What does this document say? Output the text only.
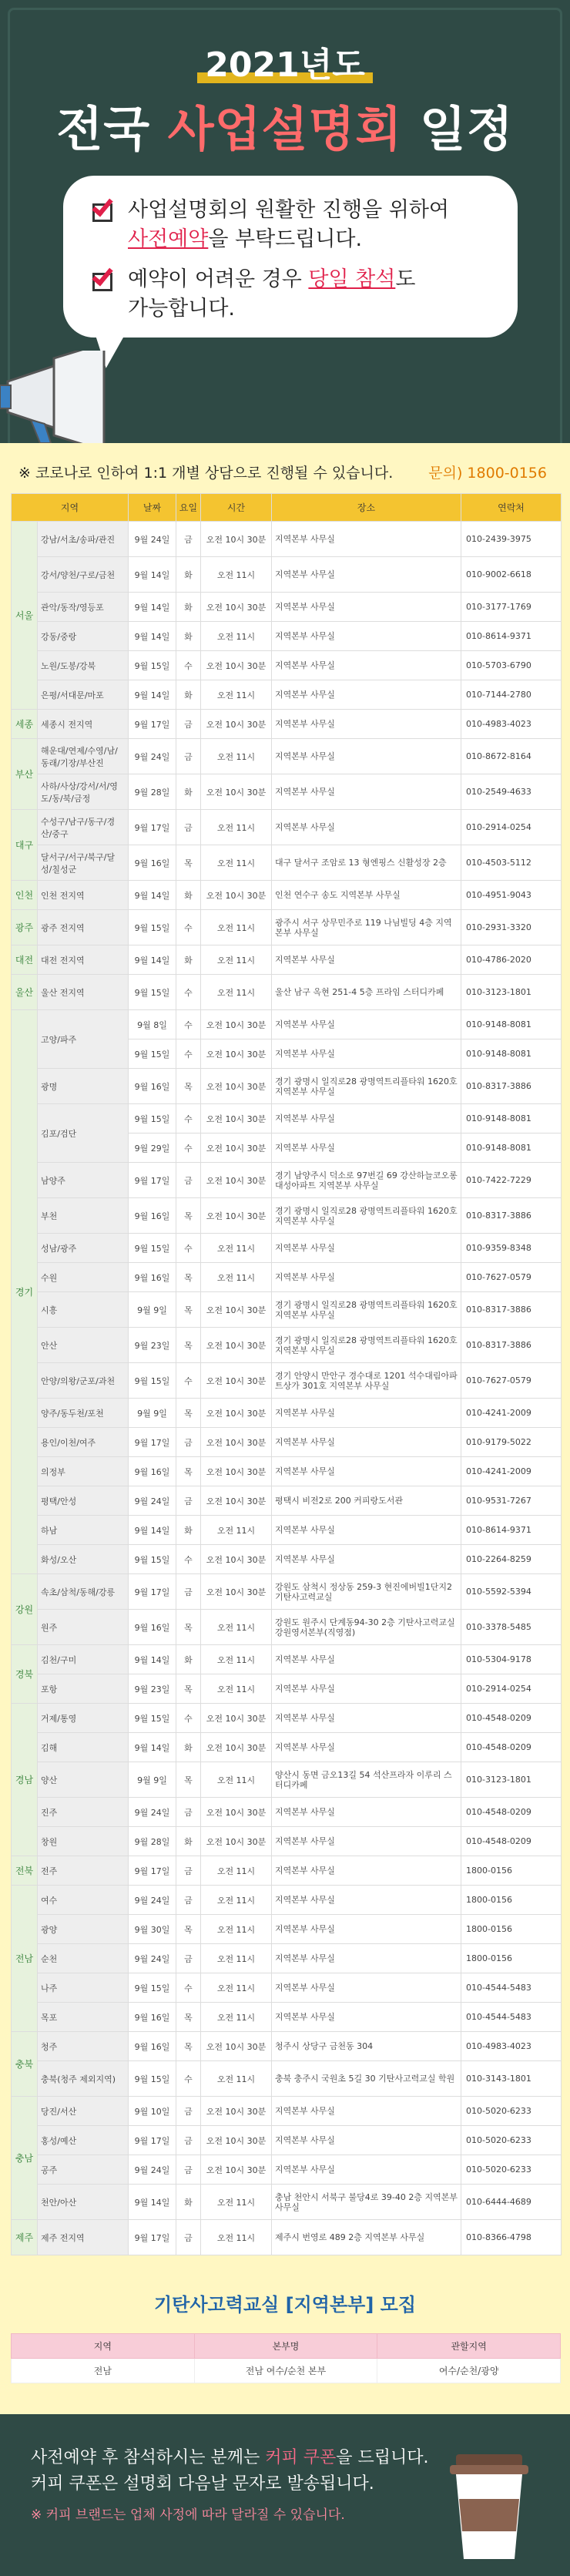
2021년도
전국 사업설명회 일정
사업설명회의 원활한 진행을 위하여
사전예약을 부탁드립니다.
예약이 어려운 경우 당일 참석도
가능합니다.
※ 코로나로 인하여 1:1 개별 상담으로 진행될 수 있습니다. 문의) 1800-0156
지역		날짜	요일	시간	장소	연락처
서울	강남/서초/송파/관진	9월 24일	금	오전 10시 30분	지역본부 사무실	010-2439-3975
	강서/양천/구로/금천	9월 14일	화	오전 11시	지역본부 사무실	010-9002-6618
	관악/동작/영등포	9월 14일	화	오전 10시 30분	지역본부 사무실	010-3177-1769
	강동/중랑	9월 14일	화	오전 11시	지역본부 사무실	010-8614-9371
	노원/도봉/강북	9월 15일	수	오전 10시 30분	지역본부 사무실	010-5703-6790
	은평/서대문/마포	9월 14일	화	오전 11시	지역본부 사무실	010-7144-2780
세종	세종시 전지역	9월 17일	금	오전 10시 30분	지역본부 사무실	010-4983-4023
부산	해운대/연제/수영/남/동래/기장/부산진	9월 24일	금	오전 11시	지역본부 사무실	010-8672-8164
	사하/사상/강서/서/영도/동/북/금정	9월 28일	화	오전 10시 30분	지역본부 사무실	010-2549-4633
대구	수성구/남구/동구/경산/중구	9월 17일	금	오전 11시	지역본부 사무실	010-2914-0254
	달서구/서구/북구/달성/칠성군	9월 16일	목	오전 11시	대구 달서구 조암로 13 형엔핑스 신활성장 2층	010-4503-5112
인천	인천 전지역	9월 14일	화	오전 10시 30분	인천 연수구 송도 지역본부 사무실	010-4951-9043
광주	광주 전지역	9월 15일	수	오전 11시	광주시 서구 상무민주로 119 나님빌딩 4층 지역본부 사무실	010-2931-3320
대전	대전 전지역	9월 14일	화	오전 11시	지역본부 사무실	010-4786-2020
울산	울산 전지역	9월 15일	수	오전 11시	울산 남구 옥현 251-4 5층 프라임 스터디카페	010-3123-1801
경기	고양/파주	9월 8일	수	오전 10시 30분	지역본부 사무실	010-9148-8081
		9월 15일	수	오전 10시 30분	지역본부 사무실	010-9148-8081
	광명	9월 16일	목	오전 10시 30분	경기 광명시 일직로28 광명역트리플타워 1620호 지역본부 사무실	010-8317-3886
	김포/검단	9월 15일	수	오전 10시 30분	지역본부 사무실	010-9148-8081
		9월 29일	수	오전 10시 30분	지역본부 사무실	010-9148-8081
	남양주	9월 17일	금	오전 10시 30분	경기 남양주시 덕소로 97번길 69 강산하늘코오롱대성아파트 지역본부 사무실	010-7422-7229
	부천	9월 16일	목	오전 10시 30분	경기 광명시 일직로28 광명역트리플타워 1620호 지역본부 사무실	010-8317-3886
	성남/광주	9월 15일	수	오전 11시	지역본부 사무실	010-9359-8348
	수원	9월 16일	목	오전 11시	지역본부 사무실	010-7627-0579
	시흥	9월 9일	목	오전 10시 30분	경기 광명시 일직로28 광명역트리플타워 1620호 지역본부 사무실	010-8317-3886
	안산	9월 23일	목	오전 10시 30분	경기 광명시 일직로28 광명역트리플타워 1620호 지역본부 사무실	010-8317-3886
	안양/의왕/군포/과천	9월 15일	수	오전 10시 30분	경기 안양시 만안구 경수대로 1201 석수대림아파트상가 301호 지역본부 사무실	010-7627-0579
	양주/동두천/포천	9월 9일	목	오전 10시 30분	지역본부 사무실	010-4241-2009
	용인/이천/여주	9월 17일	금	오전 10시 30분	지역본부 사무실	010-9179-5022
	의정부	9월 16일	목	오전 10시 30분	지역본부 사무실	010-4241-2009
	평택/안성	9월 24일	금	오전 10시 30분	평택시 비전2로 200 커피랑도서관	010-9531-7267
	하남	9월 14일	화	오전 11시	지역본부 사무실	010-8614-9371
	화성/오산	9월 15일	수	오전 10시 30분	지역본부 사무실	010-2264-8259
강원	속초/삼척/동해/강릉	9월 17일	금	오전 10시 30분	강원도 삼척시 정상동 259-3 현진에버빌1단지2 기탄사고력교실	010-5592-5394
	원주	9월 16일	목	오전 11시	강원도 원주시 단계동94-30 2층 기탄사고력교실 강원영서본부(직영점)	010-3378-5485
경북	김천/구미	9월 14일	화	오전 11시	지역본부 사무실	010-5304-9178
	포항	9월 23일	목	오전 11시	지역본부 사무실	010-2914-0254
경남	거제/통영	9월 15일	수	오전 10시 30분	지역본부 사무실	010-4548-0209
	김해	9월 14일	화	오전 10시 30분	지역본부 사무실	010-4548-0209
	양산	9월 9일	목	오전 11시	양산시 동면 금오13길 54 석산프라자 이루리 스터디카페	010-3123-1801
	진주	9월 24일	금	오전 10시 30분	지역본부 사무실	010-4548-0209
	창원	9월 28일	화	오전 10시 30분	지역본부 사무실	010-4548-0209
전북	전주	9월 17일	금	오전 11시	지역본부 사무실	1800-0156
전남	여수	9월 24일	금	오전 11시	지역본부 사무실	1800-0156
	광양	9월 30일	목	오전 11시	지역본부 사무실	1800-0156
	순천	9월 24일	금	오전 11시	지역본부 사무실	1800-0156
	나주	9월 15일	수	오전 11시	지역본부 사무실	010-4544-5483
	목포	9월 16일	목	오전 11시	지역본부 사무실	010-4544-5483
충북	청주	9월 16일	목	오전 10시 30분	청주시 상당구 금천동 304	010-4983-4023
	충북(청주 제외지역)	9월 15일	수	오전 11시	충북 충주시 국원초 5길 30 기탄사고력교실 학원	010-3143-1801
충남	당진/서산	9월 10일	금	오전 10시 30분	지역본부 사무실	010-5020-6233
	홍성/예산	9월 17일	금	오전 10시 30분	지역본부 사무실	010-5020-6233
	공주	9월 24일	금	오전 10시 30분	지역본부 사무실	010-5020-6233
	천안/아산	9월 14일	화	오전 11시	충남 천안시 서북구 불당4로 39-40 2층 지역본부 사무실	010-6444-4689
제주	제주 전지역	9월 17일	금	오전 11시	제주시 번영로 489 2층 지역본부 사무실	010-8366-4798
기탄사고력교실 [지역본부] 모집
지역	본부명	관할지역
전남	전남 여수/순천 본부	여수/순천/광양

사전예약 후 참석하시는 분께는 커피 쿠폰을 드립니다.

커피 쿠폰은 설명회 다음날 문자로 발송됩니다.

※ 커피 브랜드는 업체 사정에 따라 달라질 수 있습니다.
